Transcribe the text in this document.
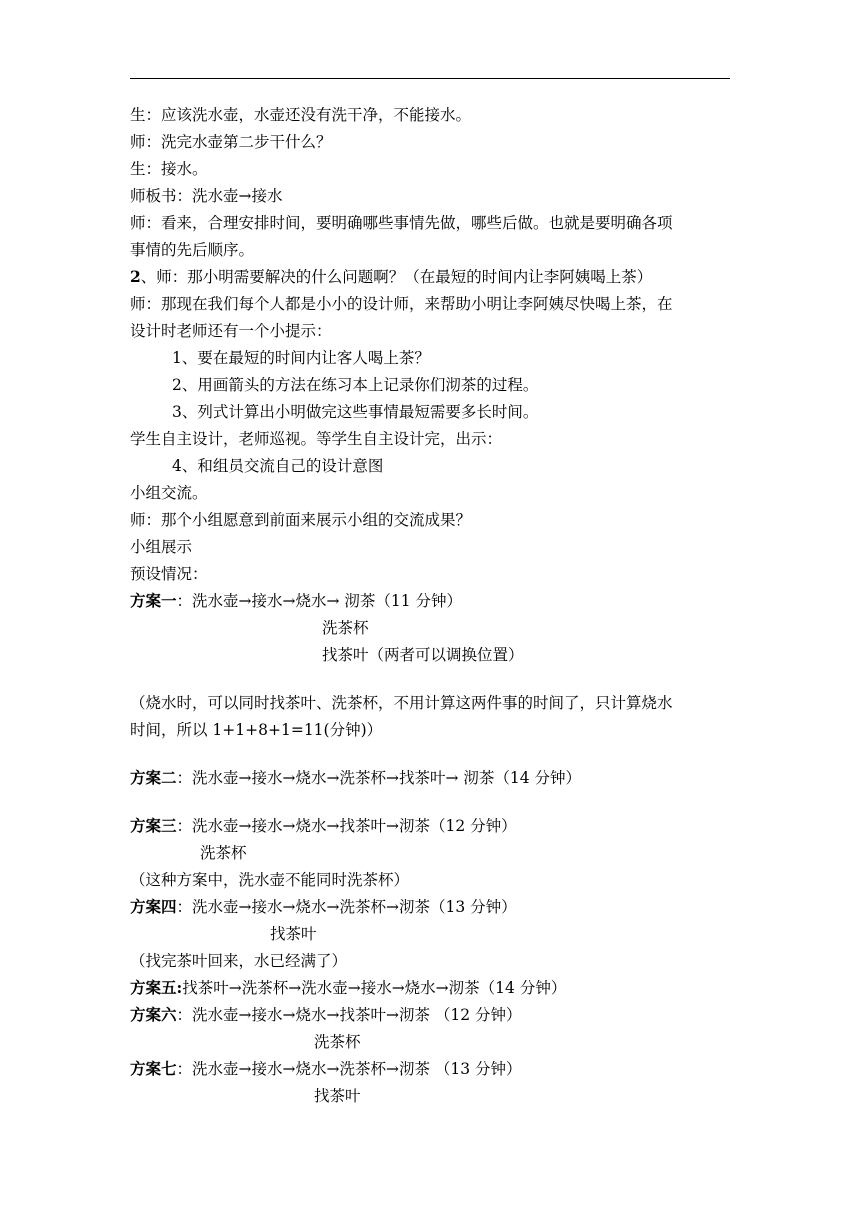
生：应该洗水壶，水壶还没有洗干净，不能接水。
师：洗完水壶第二步干什么？
生：接水。
师板书：洗水壶→接水
师：看来，合理安排时间，要明确哪些事情先做，哪些后做。也就是要明确各项
事情的先后顺序。
2、师：那小明需要解决的什么问题啊？（在最短的时间内让李阿姨喝上茶）
师：那现在我们每个人都是小小的设计师，来帮助小明让李阿姨尽快喝上茶，在
设计时老师还有一个小提示：
1、要在最短的时间内让客人喝上茶？
2、用画箭头的方法在练习本上记录你们沏茶的过程。
3、列式计算出小明做完这些事情最短需要多长时间。
学生自主设计，老师巡视。等学生自主设计完，出示：
4、和组员交流自己的设计意图
小组交流。
师：那个小组愿意到前面来展示小组的交流成果？
小组展示
预设情况：
方案一：洗水壶→接水→烧水→ 沏茶（11 分钟）
洗茶杯
找茶叶（两者可以调换位置）
（烧水时，可以同时找茶叶、洗茶杯，不用计算这两件事的时间了，只计算烧水
时间，所以 1+1+8+1=11(分钟)）
方案二：洗水壶→接水→烧水→洗茶杯→找茶叶→ 沏茶（14 分钟）
方案三：洗水壶→接水→烧水→找茶叶→沏茶（12 分钟）
洗茶杯
（这种方案中，洗水壶不能同时洗茶杯）
方案四：洗水壶→接水→烧水→洗茶杯→沏茶（13 分钟）
找茶叶
（找完茶叶回来，水已经满了）
方案五:找茶叶→洗茶杯→洗水壶→接水→烧水→沏茶（14 分钟）
方案六：洗水壶→接水→烧水→找茶叶→沏茶 （12 分钟）
洗茶杯
方案七：洗水壶→接水→烧水→洗茶杯→沏茶 （13 分钟）
找茶叶
